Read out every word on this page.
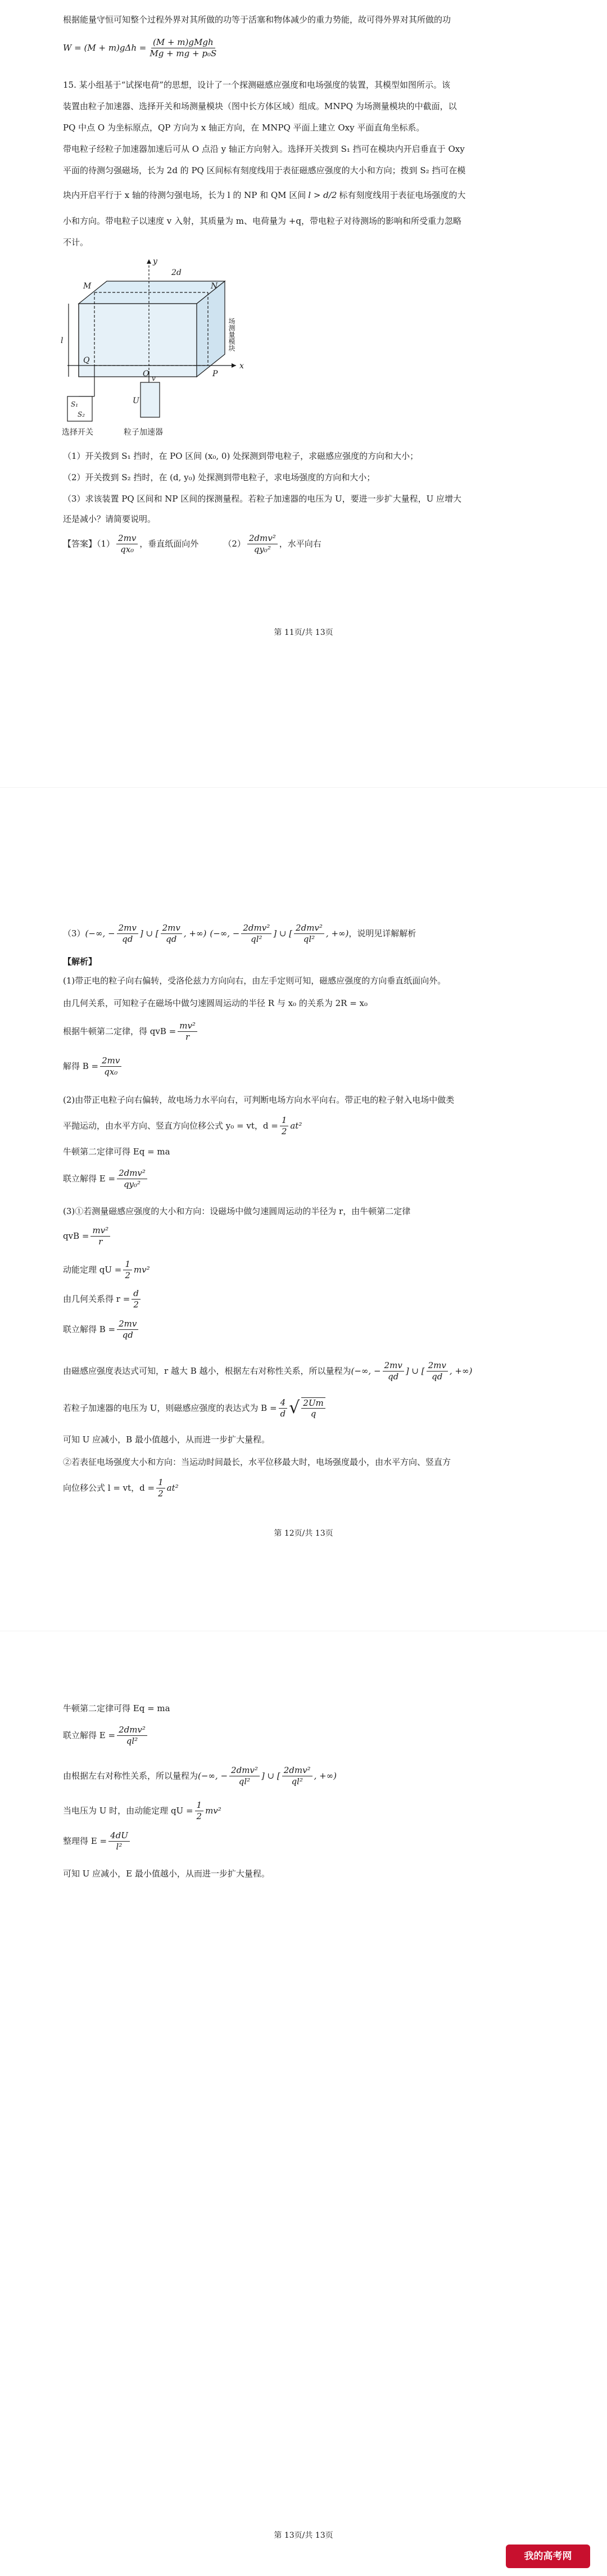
根据能量守恒可知整个过程外界对其所做的功等于活塞和物体减少的重力势能，故可得外界对其所做的功
$W = (M + m)g\Delta h = \frac{\text{(M + m)gMgh}}{\text{Mg + mg + p₀S}}$
15. 某小组基于“试探电荷”的思想，设计了一个探测磁感应强度和电场强度的装置，其模型如图所示。该
装置由粒子加速器、选择开关和场测量模块（图中长方体区域）组成。MNPQ 为场测量模块的中截面，以
PQ 中点 O 为坐标原点，QP 方向为 x 轴正方向，在 MNPQ 平面上建立 Oxy 平面直角坐标系。
带电粒子经粒子加速器加速后可从 O 点沿 y 轴正方向射入。选择开关拨到 S₁ 挡可在模块内开启垂直于 Oxy
平面的待测匀强磁场，长为 2d 的 PQ 区间标有刻度线用于表征磁感应强度的大小和方向；拨到 S₂ 挡可在模
块内开启平行于 x 轴的待测匀强电场，长为 l 的 NP 和 QM 区间 l > d/2 标有刻度线用于表征电场强度的大
小和方向。带电粒子以速度 v 入射，其质量为 m、电荷量为 +q，带电粒子对待测场的影响和所受重力忽略
不计。
y
2d
M	N
l
Q
O	P
x
S₁
S₂
U
v
场测量模块
选择开关	粒子加速器
（1）开关拨到 S₁ 挡时，在 PO 区间 (x₀, 0) 处探测到带电粒子，求磁感应强度的方向和大小；
（2）开关拨到 S₂ 挡时，在 (d, y₀) 处探测到带电粒子，求电场强度的方向和大小；
（3）求该装置 PQ 区间和 NP 区间的探测量程。若粒子加速器的电压为 U，要进一步扩大量程，U 应增大
还是减小？请简要说明。
【答案】$(1) \frac{2mv}{\text{qx₀}}$ ，垂直纸面向外	$(2) \frac{\text{2dmv²}}{\text{qy₀²}}$ ，水平向右
第 11页/共 13页
（3） (−∞, − $\frac{2mv}{qd}$ ] ∪ [ $\frac{2mv}{qd}$ , +∞) (−∞, − $\frac{\text{2dmv²}}{\text{ql²}}$ ] ∪ [ $\frac{\text{2dmv²}}{\text{ql²}}$ , +∞) ，说明见详解解析
【解析】
(1)带正电的粒子向右偏转，受洛伦兹力方向向右，由左手定则可知，磁感应强度的方向垂直纸面向外。
由几何关系，可知粒子在磁场中做匀速圆周运动的半径 R 与 x₀ 的关系为 2R = x₀
根据牛顿第二定律，得 qvB = $\frac{\text{mv²}}{r}$
解得 $B = \frac{2mv}{\text{qx₀}}$
(2)由带正电粒子向右偏转，故电场力水平向右，可判断电场方向水平向右。带正电的粒子射入电场中做类
平抛运动，由水平方向、竖直方向位移公式 y₀ = vt，$d = \frac{1}{2} at^2$
牛顿第二定律可得 Eq = ma
联立解得 $E = \frac{\text{2dmv²}}{\text{qy₀²}}$
(3)①若测量磁感应强度的大小和方向：设磁场中做匀速圆周运动的半径为 r，由牛顿第二定律
qvB = $\frac{\text{mv²}}{r}$
动能定理 qU = $\frac{1}{2} mv^2$
由几何关系得 $r = \frac{d}{2}$
联立解得 $B = \frac{2mv}{qd}$
由磁感应强度表达式可知，r 越大 B 越小，根据左右对称性关系，所以量程为 (−∞, − $\frac{2mv}{qd}$ ] ∪ [ $\frac{2mv}{qd}$ , +∞)
若粒子加速器的电压为 U，则磁感应强度的表达式为 $B = \frac{4}{d}$ √ $\frac{2Um}{q}$
可知 U 应减小，B 最小值越小，从而进一步扩大量程。
②若表征电场强度大小和方向：当运动时间最长，水平位移最大时，电场强度最小，由水平方向、竖直方
向位移公式 l = vt，$d = \frac{1}{2} at^2$
第 12页/共 13页
牛顿第二定律可得 Eq = ma
联立解得 $E = \frac{\text{2dmv²}}{\text{ql²}}$
由根据左右对称性关系，所以量程为 (−∞, − $\frac{\text{2dmv²}}{\text{ql²}}$ ] ∪ [ $\frac{\text{2dmv²}}{\text{ql²}}$ , +∞)
当电压为 U 时，由动能定理 qU = $\frac{1}{2} mv^2$
整理得 $E = \frac{4dU}{\text{l²}}$
可知 U 应减小，E 最小值越小，从而进一步扩大量程。
第 13页/共 13页
我的高考网
